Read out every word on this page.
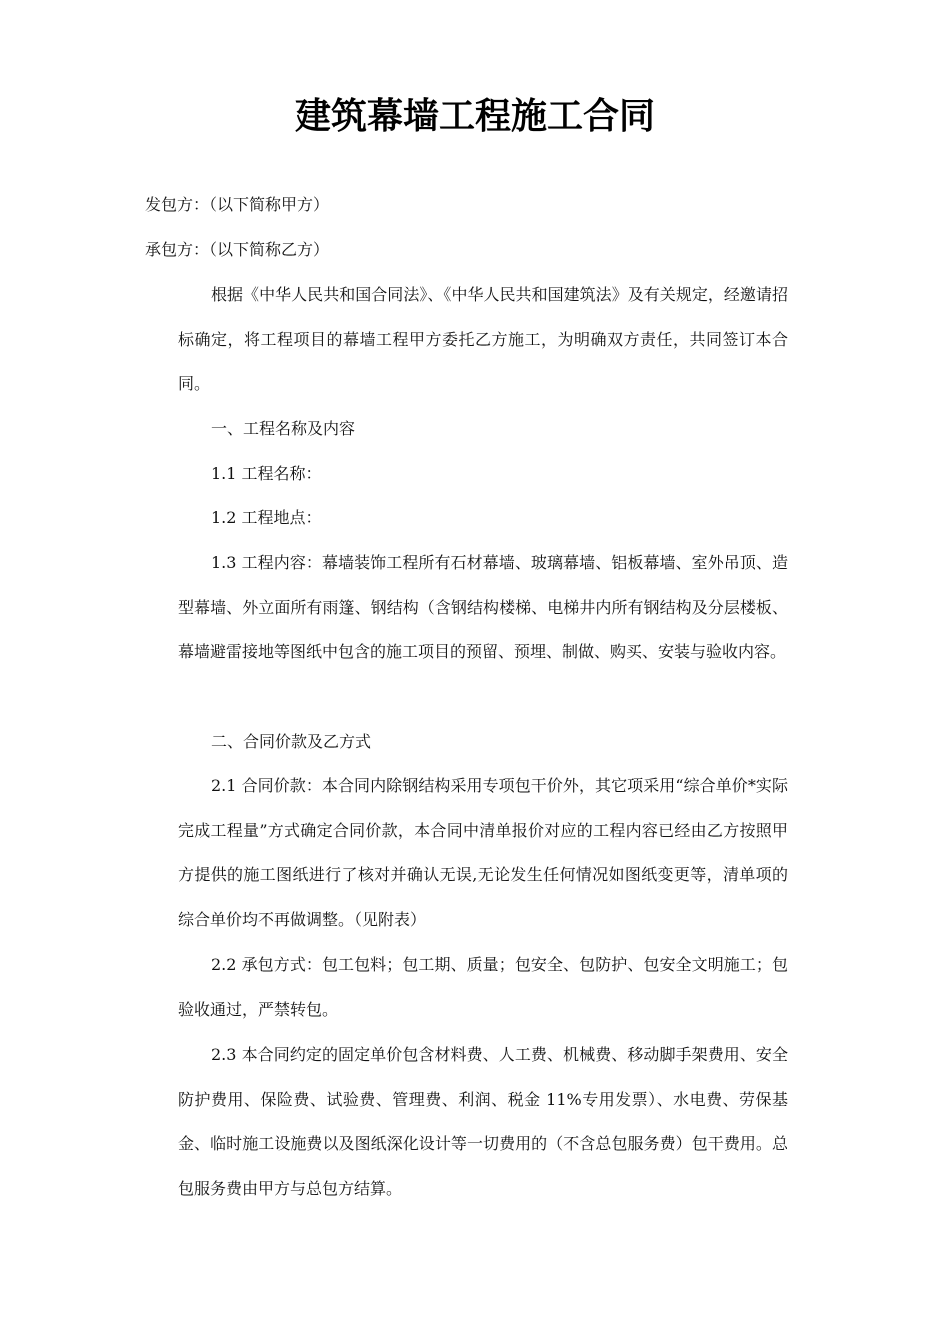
建筑幕墙工程施工合同
发包方：（以下简称甲方）
承包方：（以下简称乙方）

根据《中华人民共和国合同法》、《中华人民共和国建筑法》及有关规定，经邀请招标确定，将工程项目的幕墙工程甲方委托乙方施工，为明确双方责任，共同签订本合同。

一、工程名称及内容
1.1 工程名称：
1.2 工程地点：

1.3 工程内容：幕墙装饰工程所有石材幕墙、玻璃幕墙、铝板幕墙、室外吊顶、造型幕墙、外立面所有雨篷、钢结构（含钢结构楼梯、电梯井内所有钢结构及分层楼板、幕墙避雷接地等图纸中包含的施工项目的预留、预埋、制做、购买、安装与验收内容。

二、合同价款及乙方式

2.1 合同价款：本合同内除钢结构采用专项包干价外，其它项采用“综合单价*实际完成工程量”方式确定合同价款，本合同中清单报价对应的工程内容已经由乙方按照甲方提供的施工图纸进行了核对并确认无误,无论发生任何情况如图纸变更等，清单项的综合单价均不再做调整。（见附表）

2.2 承包方式：包工包料；包工期、质量；包安全、包防护、包安全文明施工；包验收通过，严禁转包。

2.3 本合同约定的固定单价包含材料费、人工费、机械费、移动脚手架费用、安全防护费用、保险费、试验费、管理费、利润、税金 11%专用发票）、水电费、劳保基金、临时施工设施费以及图纸深化设计等一切费用的（不含总包服务费）包干费用。总包服务费由甲方与总包方结算。
